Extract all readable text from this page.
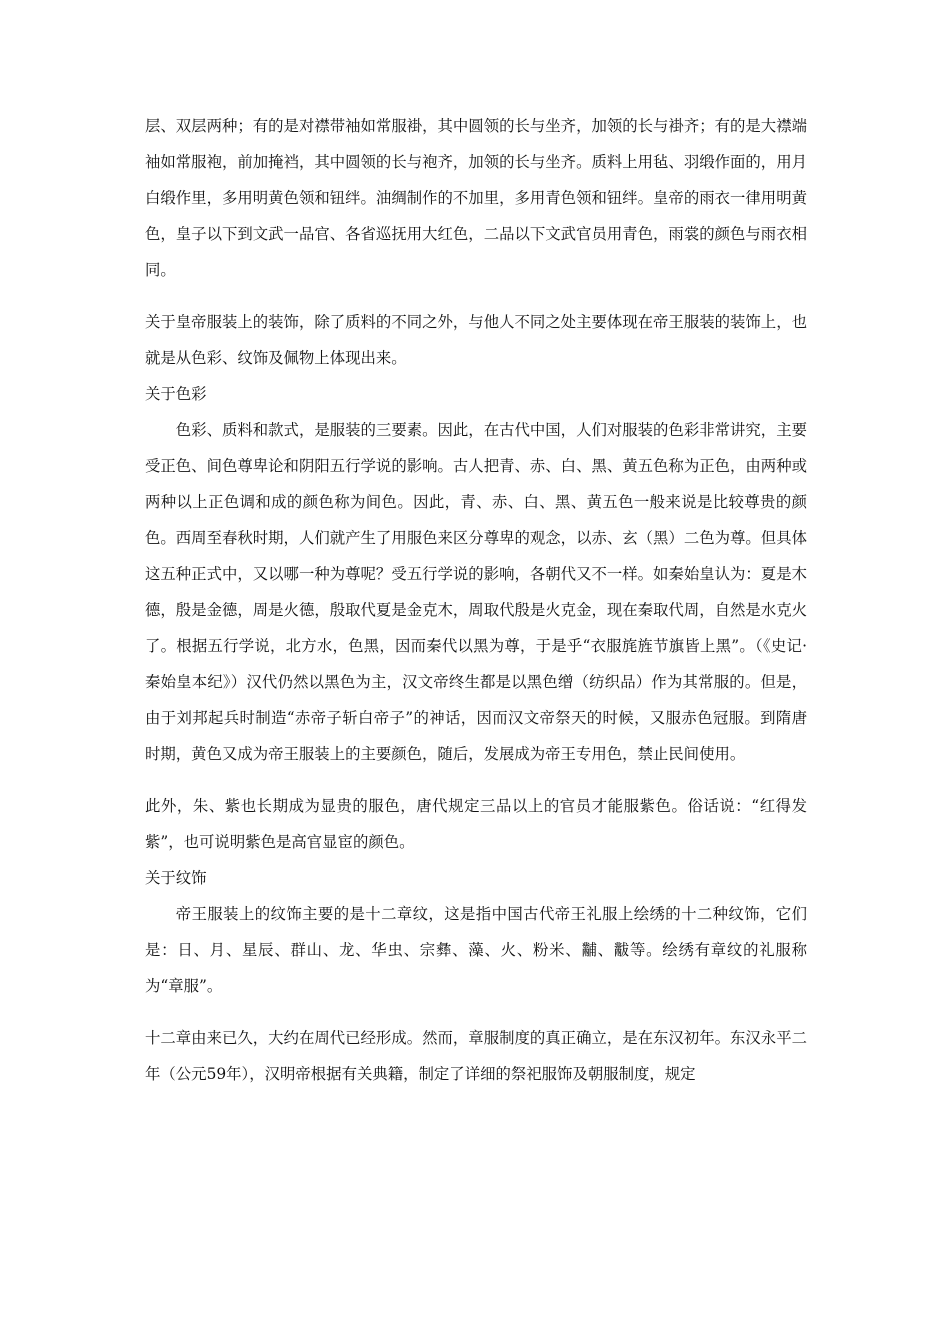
层、双层两种；有的是对襟带袖如常服褂，其中圆领的长与坐齐，加领的长与褂齐；有的是大襟端袖如常服袍，前加掩裆，其中圆领的长与袍齐，加领的长与坐齐。质料上用毡、羽缎作面的，用月白缎作里，多用明黄色领和钮绊。油绸制作的不加里，多用青色领和钮绊。皇帝的雨衣一律用明黄色，皇子以下到文武一品官、各省巡抚用大红色，二品以下文武官员用青色，雨裳的颜色与雨衣相同。

关于皇帝服装上的装饰，除了质料的不同之外，与他人不同之处主要体现在帝王服装的装饰上，也就是从色彩、纹饰及佩物上体现出来。

关于色彩

色彩、质料和款式，是服装的三要素。因此，在古代中国，人们对服装的色彩非常讲究，主要受正色、间色尊卑论和阴阳五行学说的影响。古人把青、赤、白、黑、黄五色称为正色，由两种或两种以上正色调和成的颜色称为间色。因此，青、赤、白、黑、黄五色一般来说是比较尊贵的颜色。西周至春秋时期，人们就产生了用服色来区分尊卑的观念，以赤、玄（黑）二色为尊。但具体这五种正式中，又以哪一种为尊呢？受五行学说的影响，各朝代又不一样。如秦始皇认为：夏是木德，殷是金德，周是火德，殷取代夏是金克木，周取代殷是火克金，现在秦取代周，自然是水克火了。根据五行学说，北方水，色黑，因而秦代以黑为尊，于是乎“衣服旄旌节旗皆上黑”。（《史记·秦始皇本纪》）汉代仍然以黑色为主，汉文帝终生都是以黑色缯（纺织品）作为其常服的。但是，由于刘邦起兵时制造“赤帝子斩白帝子”的神话，因而汉文帝祭天的时候，又服赤色冠服。到隋唐时期，黄色又成为帝王服装上的主要颜色，随后，发展成为帝王专用色，禁止民间使用。

此外，朱、紫也长期成为显贵的服色，唐代规定三品以上的官员才能服紫色。俗话说：“红得发紫”，也可说明紫色是高官显宦的颜色。

关于纹饰

帝王服装上的纹饰主要的是十二章纹，这是指中国古代帝王礼服上绘绣的十二种纹饰，它们是：日、月、星辰、群山、龙、华虫、宗彝、藻、火、粉米、黼、黻等。绘绣有章纹的礼服称为“章服”。

十二章由来已久，大约在周代已经形成。然而，章服制度的真正确立，是在东汉初年。东汉永平二年（公元59年），汉明帝根据有关典籍，制定了详细的祭祀服饰及朝服制度，规定
